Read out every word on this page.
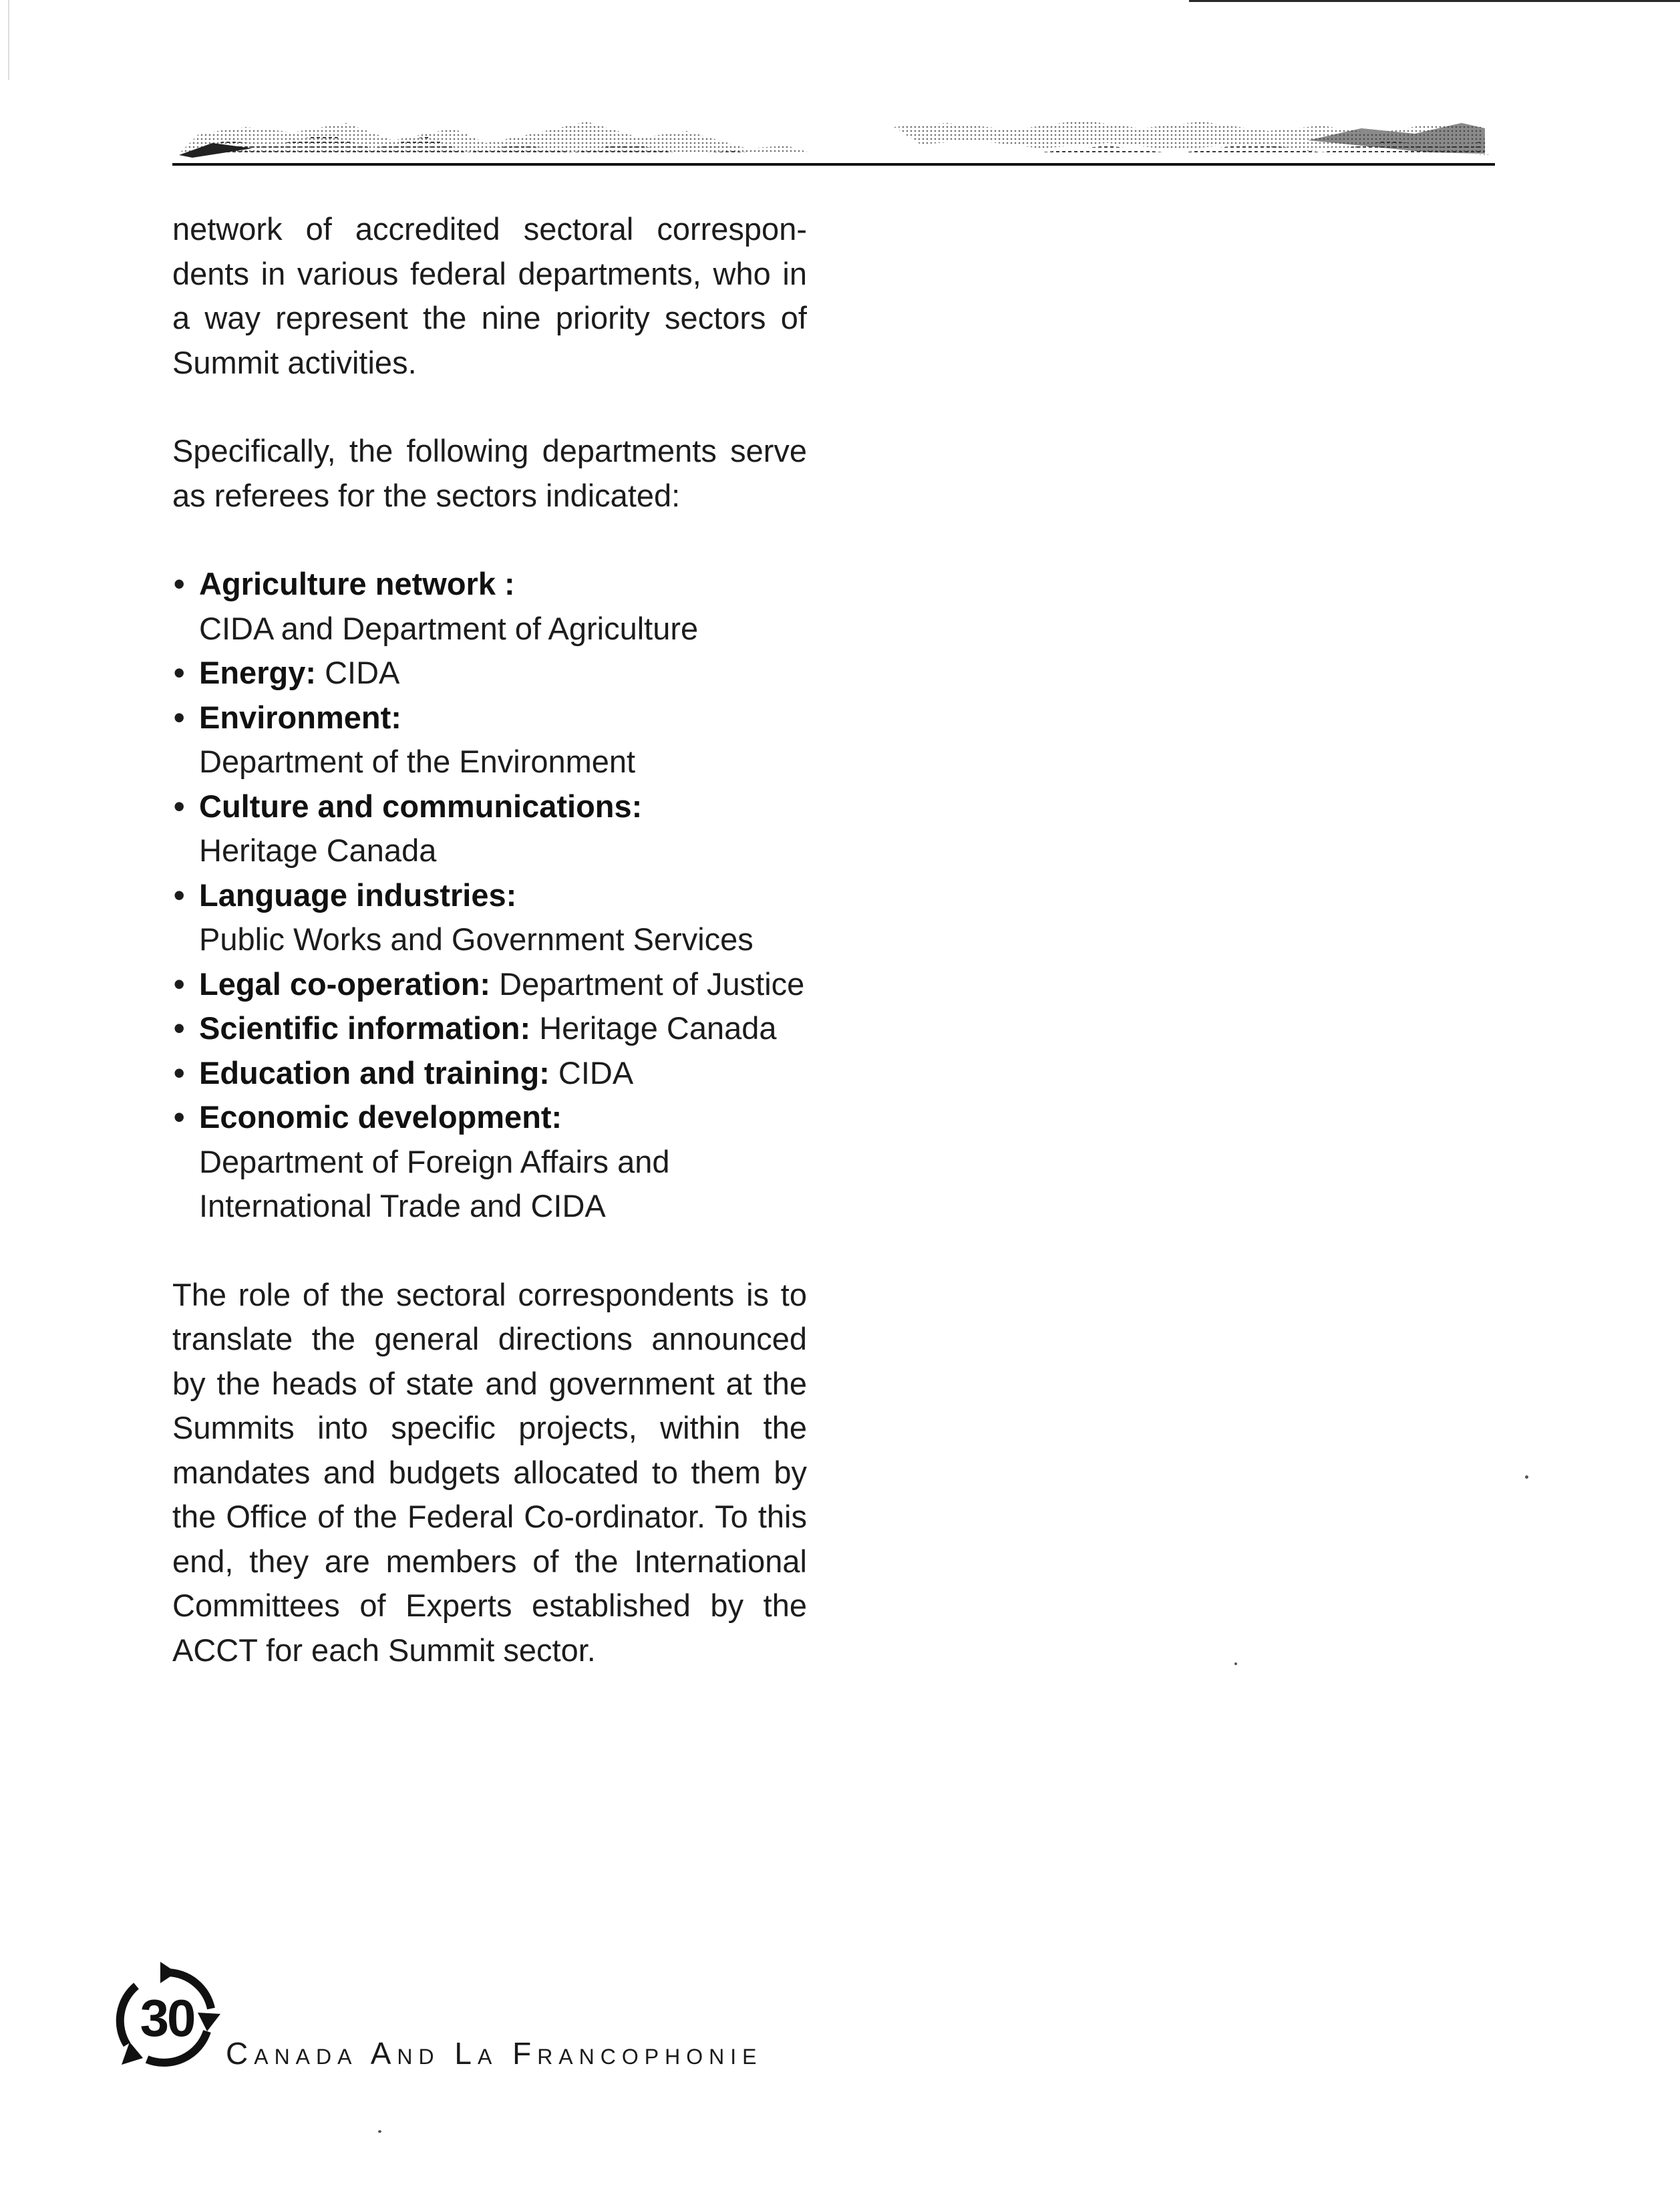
network of accredited sectoral correspon-dents in various federal departments, who in a way represent the nine priority sectors of Summit activities.

Specifically, the following departments serve as referees for the sectors indicated:

• Agriculture network :
CIDA and Department of Agriculture
• Energy: CIDA
• Environment:
Department of the Environment
• Culture and communications:
Heritage Canada
• Language industries:
Public Works and Government Services
• Legal co-operation: Department of Justice
• Scientific information: Heritage Canada
• Education and training: CIDA
• Economic development:
Department of Foreign Affairs and International Trade and CIDA

The role of the sectoral correspondents is to translate the general directions announced by the heads of state and government at the Summits into specific projects, within the mandates and budgets allocated to them by the Office of the Federal Co-ordinator. To this end, they are members of the International Committees of Experts established by the ACCT for each Summit sector.

30
Canada And La Francophonie
